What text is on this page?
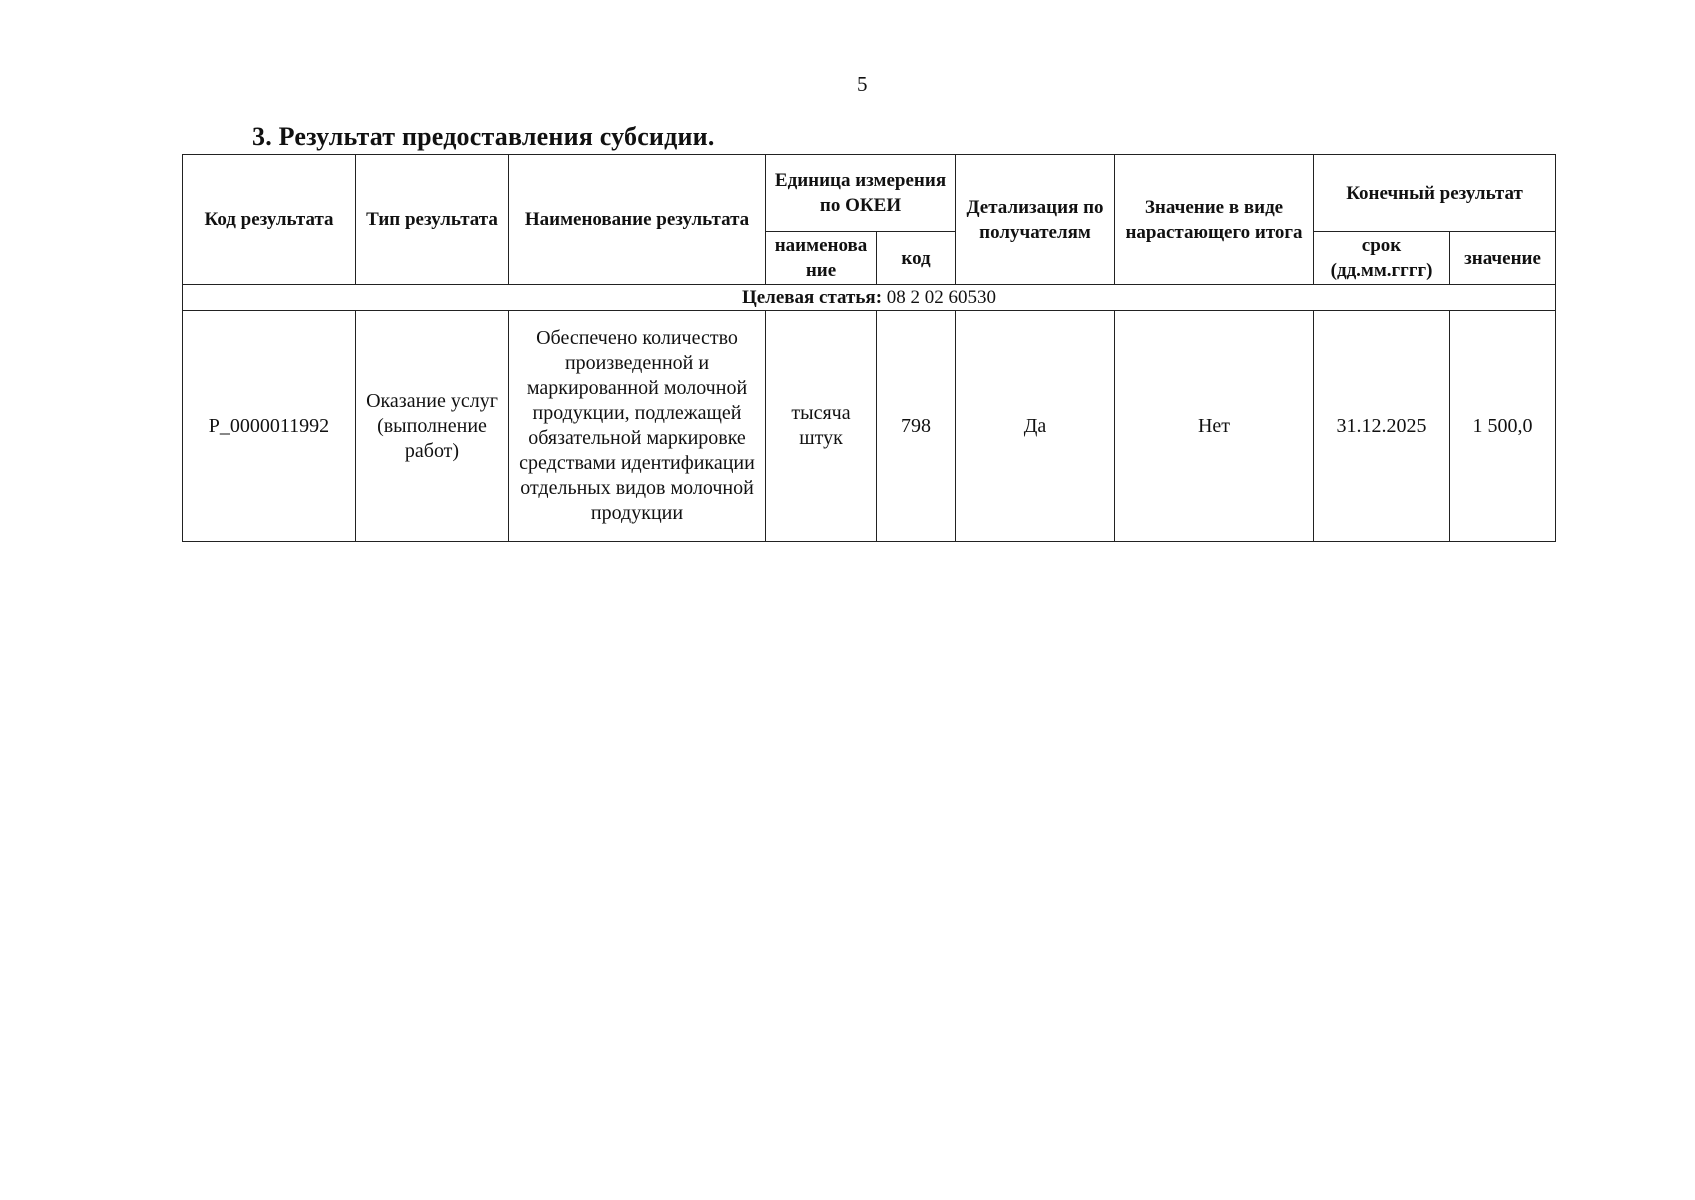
5
3. Результат предоставления субсидии.
Код результата	Тип результата	Наименование результата	Единица измерения по ОКЕИ		Детализация по получателям	Значение в виде нарастающего итога	Конечный результат	
			наименова ние	код			срок (дд.мм.гггг)	значение
Целевая статья: 08 2 02 60530								
P_0000011992	Оказание услуг (выполнение работ)	Обеспечено количество произведенной и маркированной молочной продукции, подлежащей обязательной маркировке средствами идентификации отдельных видов молочной продукции	тысяча штук	798	Да	Нет	31.12.2025	1 500,0
